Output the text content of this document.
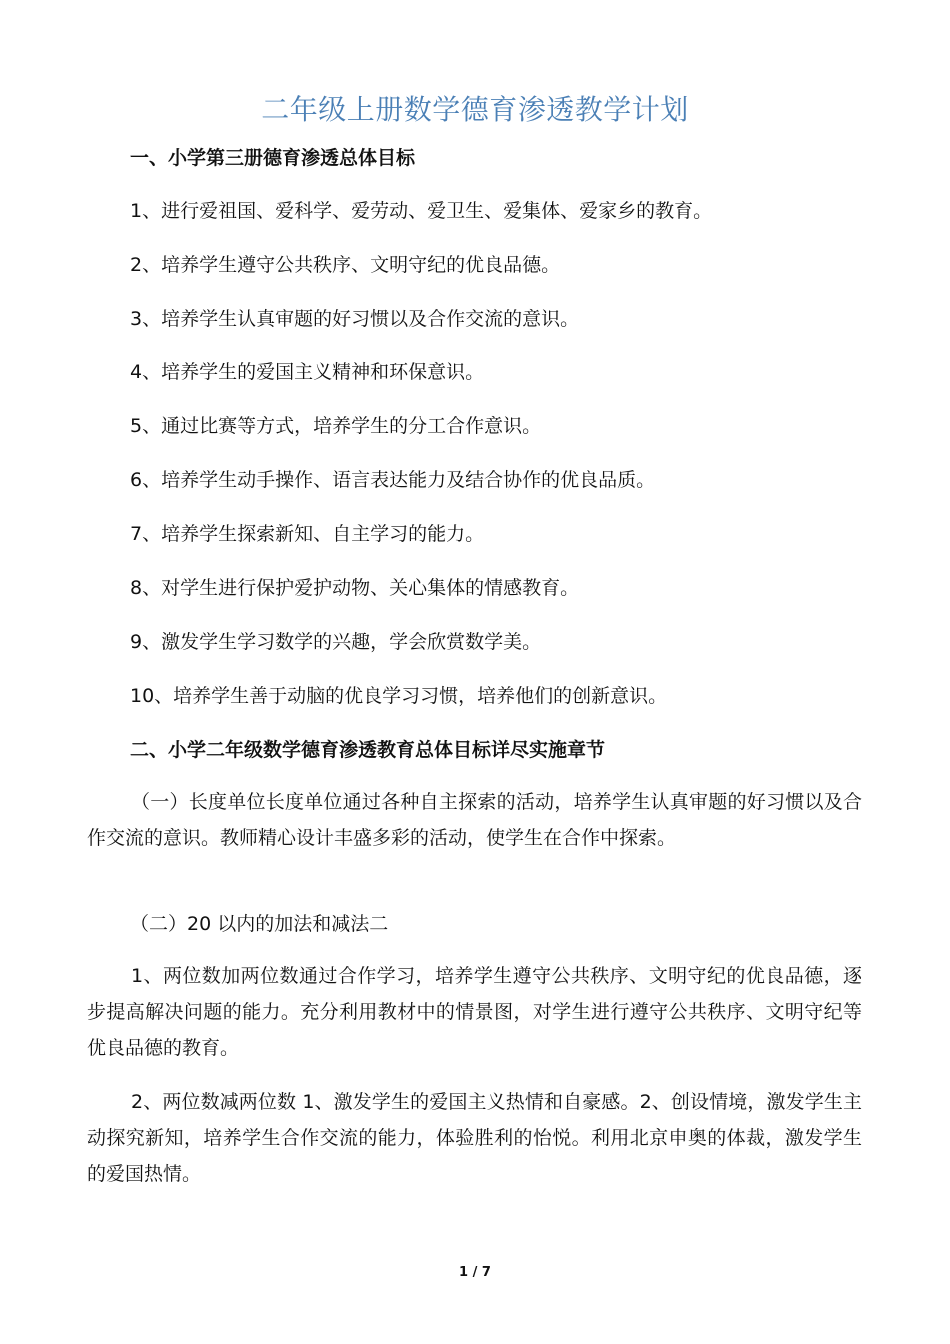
二年级上册数学德育渗透教学计划
一、小学第三册德育渗透总体目标
1、进行爱祖国、爱科学、爱劳动、爱卫生、爱集体、爱家乡的教育。
2、培养学生遵守公共秩序、文明守纪的优良品德。
3、培养学生认真审题的好习惯以及合作交流的意识。
4、培养学生的爱国主义精神和环保意识。
5、通过比赛等方式，培养学生的分工合作意识。
6、培养学生动手操作、语言表达能力及结合协作的优良品质。
7、培养学生探索新知、自主学习的能力。
8、对学生进行保护爱护动物、关心集体的情感教育。
9、激发学生学习数学的兴趣，学会欣赏数学美。
10、培养学生善于动脑的优良学习习惯，培养他们的创新意识。
二、小学二年级数学德育渗透教育总体目标详尽实施章节
（一）长度单位长度单位通过各种自主探索的活动，培养学生认真审题的好习惯以及合作交流的意识。教师精心设计丰盛多彩的活动，使学生在合作中探索。
（二）20 以内的加法和减法二
1、两位数加两位数通过合作学习，培养学生遵守公共秩序、文明守纪的优良品德，逐步提高解决问题的能力。充分利用教材中的情景图，对学生进行遵守公共秩序、文明守纪等优良品德的教育。
2、两位数减两位数 1、激发学生的爱国主义热情和自豪感。2、创设情境，激发学生主动探究新知，培养学生合作交流的能力，体验胜利的怡悦。利用北京申奥的体裁，激发学生的爱国热情。
1 / 7
